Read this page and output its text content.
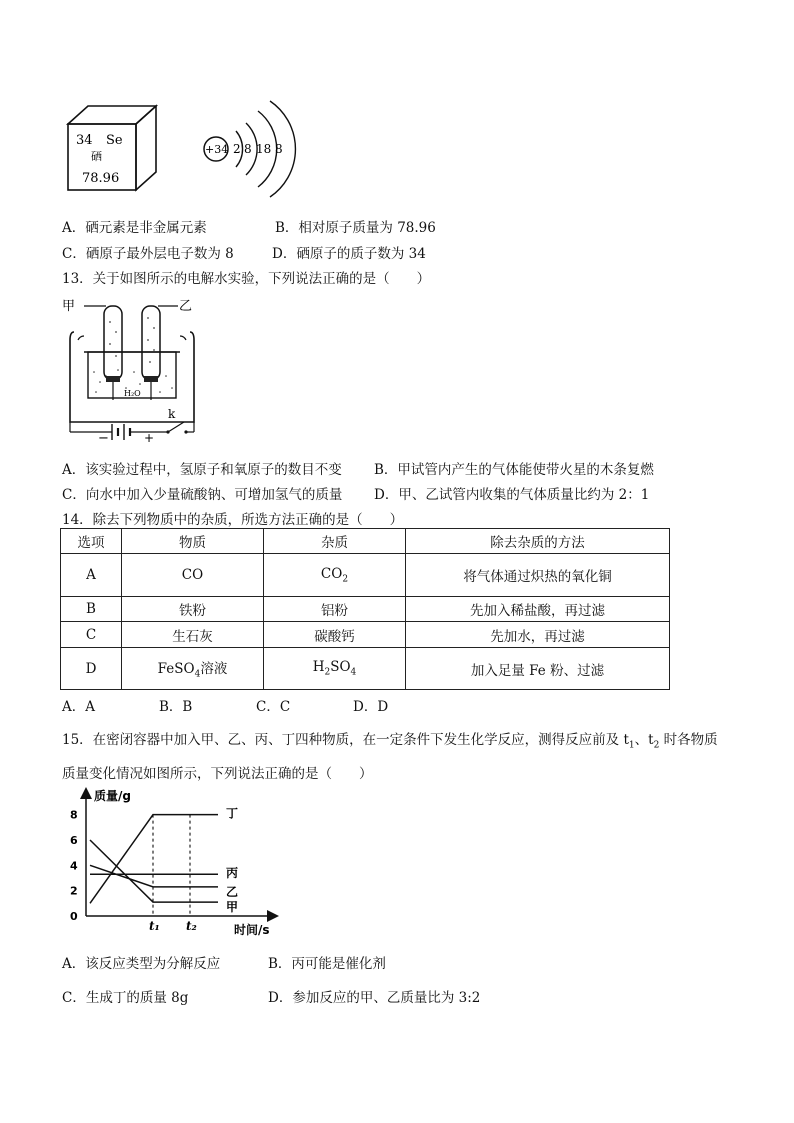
34 Se
硒
78.96
+34 2 8 18 8
A．硒元素是非金属元素	B．相对原子质量为 78.96
C．硒原子最外层电子数为 8	D．硒原子的质子数为 34
13．关于如图所示的电解水实验，下列说法正确的是（　　）
H₂O
甲	乙
k
−	+
A．该实验过程中，氢原子和氧原子的数目不变 B．甲试管内产生的气体能使带火星的木条复燃
C．向水中加入少量硫酸钠、可增加氢气的质量 D．甲、乙试管内收集的气体质量比约为 2：1
14．除去下列物质中的杂质，所选方法正确的是（　　）
选项	物质	杂质	除去杂质的方法
A	CO	$CO_2$	将气体通过炽热的氧化铜
B	铁粉	铝粉	先加入稀盐酸，再过滤
C	生石灰	碳酸钙	先加水，再过滤
D	FeSO$_4$溶液	$H_2SO_4$	加入足量 Fe 粉、过滤
A．A	B．B	C．C	D．D
15．在密闭容器中加入甲、乙、丙、丁四种物质，在一定条件下发生化学反应，测得反应前及 $t_1$、$t_2$ 时各物质
质量变化情况如图所示，下列说法正确的是（　　）
质量/g
时间/s
0
2
4
6
8
t₁ t₂
丁
丙
乙
甲
A．该反应类型为分解反应	B．丙可能是催化剂
C．生成丁的质量 8g	D．参加反应的甲、乙质量比为 3:2
